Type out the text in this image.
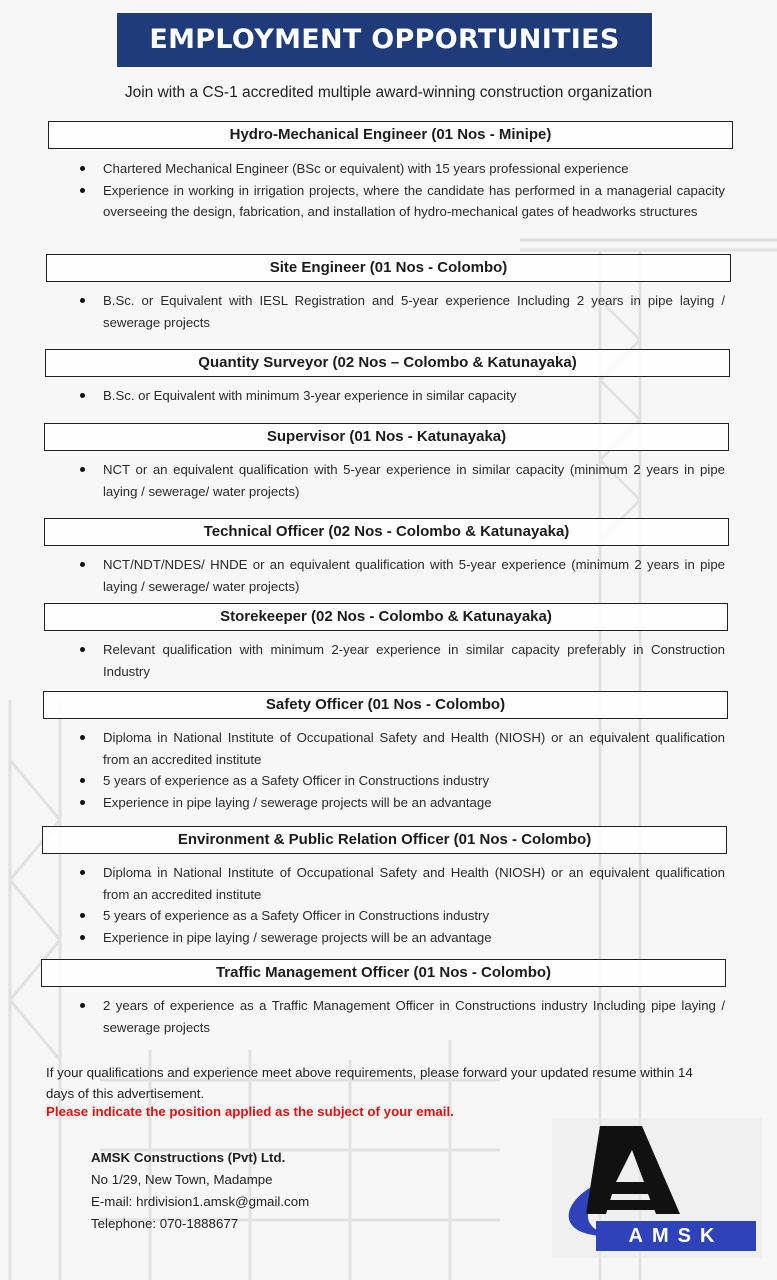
EMPLOYMENT OPPORTUNITIES
Join with a CS-1 accredited multiple award-winning construction organization
Hydro-Mechanical Engineer (01 Nos - Minipe)
Chartered Mechanical Engineer (BSc or equivalent) with 15 years professional experience
Experience in working in irrigation projects, where the candidate has performed in a managerial capacity overseeing the design, fabrication, and installation of hydro-mechanical gates of headworks structures
Site Engineer (01 Nos - Colombo)
B.Sc. or Equivalent with IESL Registration and 5-year experience Including 2 years in pipe laying / sewerage projects
Quantity Surveyor (02 Nos – Colombo & Katunayaka)
B.Sc. or Equivalent with minimum 3-year experience in similar capacity
Supervisor (01 Nos - Katunayaka)
NCT or an equivalent qualification with 5-year experience in similar capacity (minimum 2 years in pipe laying / sewerage/ water projects)
Technical Officer (02 Nos - Colombo & Katunayaka)
NCT/NDT/NDES/ HNDE or an equivalent qualification with 5-year experience (minimum 2 years in pipe laying / sewerage/ water projects)
Storekeeper (02 Nos - Colombo & Katunayaka)
Relevant qualification with minimum 2-year experience in similar capacity preferably in Construction Industry
Safety Officer (01 Nos - Colombo)
Diploma in National Institute of Occupational Safety and Health (NIOSH) or an equivalent qualification from an accredited institute
5 years of experience as a Safety Officer in Constructions industry
Experience in pipe laying / sewerage projects will be an advantage
Environment & Public Relation Officer (01 Nos - Colombo)
Diploma in National Institute of Occupational Safety and Health (NIOSH) or an equivalent qualification from an accredited institute
5 years of experience as a Safety Officer in Constructions industry
Experience in pipe laying / sewerage projects will be an advantage
Traffic Management Officer (01 Nos - Colombo)
2 years of experience as a Traffic Management Officer in Constructions industry Including pipe laying / sewerage projects
If your qualifications and experience meet above requirements, please forward your updated resume within 14 days of this advertisement.
Please indicate the position applied as the subject of your email.
AMSK Constructions (Pvt) Ltd.
No 1/29, New Town, Madampe
E-mail: hrdivision1.amsk@gmail.com
Telephone: 070-1888677
AMSK
